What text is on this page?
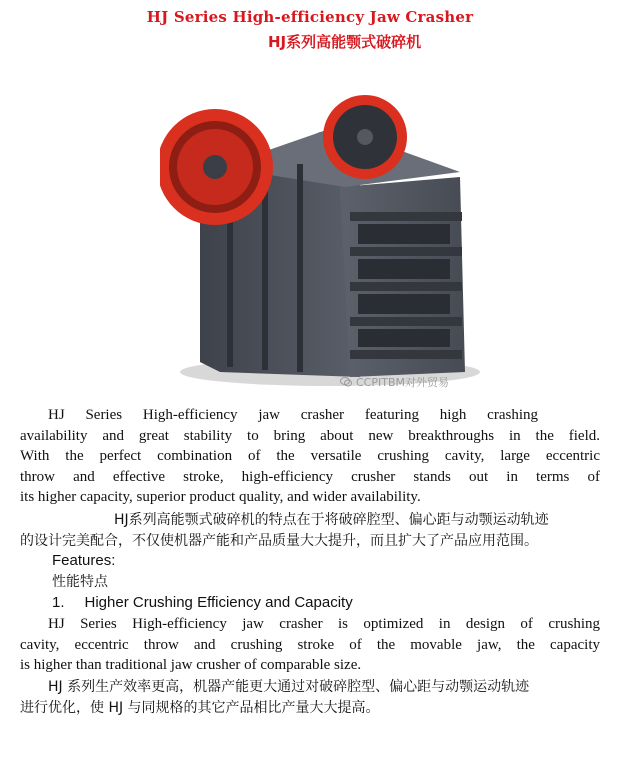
HJ Series High-efficiency Jaw Crasher
HJ系列高能颚式破碎机
CCPITBM对外贸易
HJ Series High-efficiency jaw crasher featuring high crashing
availability and great stability to bring about new breakthroughs in the field.
With the perfect combination of the versatile crushing cavity, large eccentric
throw and effective stroke, high-efficiency crusher stands out in terms of
its higher capacity, superior product quality, and wider availability.
HJ系列高能颚式破碎机的特点在于将破碎腔型、偏心距与动颚运动轨迹
的设计完美配合，不仅使机器产能和产品质量大大提升，而且扩大了产品应用范围。
Features:
性能特点
1. Higher Crushing Efficiency and Capacity
HJ Series High-efficiency jaw crasher is optimized in design of crushing
cavity, eccentric throw and crushing stroke of the movable jaw, the capacity
is higher than traditional jaw crusher of comparable size.
HJ 系列生产效率更高，机器产能更大通过对破碎腔型、偏心距与动颚运动轨迹
进行优化，使 HJ 与同规格的其它产品相比产量大大提高。
